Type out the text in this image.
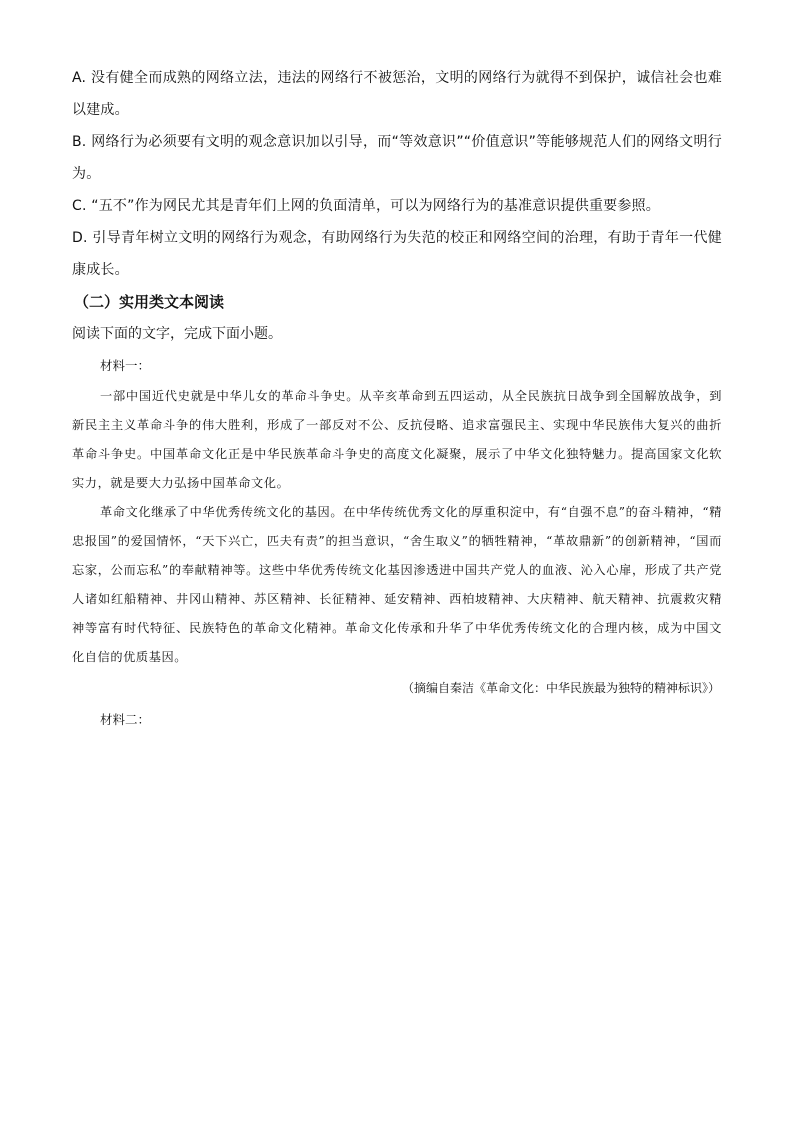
A. 没有健全而成熟的网络立法，违法的网络行不被惩治，文明的网络行为就得不到保护，诚信社会也难以建成。

B. 网络行为必须要有文明的观念意识加以引导，而“等效意识”“价值意识”等能够规范人们的网络文明行为。

C. “五不”作为网民尤其是青年们上网的负面清单，可以为网络行为的基准意识提供重要参照。

D. 引导青年树立文明的网络行为观念，有助网络行为失范的校正和网络空间的治理，有助于青年一代健康成长。

（二）实用类文本阅读

阅读下面的文字，完成下面小题。

材料一：

一部中国近代史就是中华儿女的革命斗争史。从辛亥革命到五四运动，从全民族抗日战争到全国解放战争，到新民主主义革命斗争的伟大胜利，形成了一部反对不公、反抗侵略、追求富强民主、实现中华民族伟大复兴的曲折革命斗争史。中国革命文化正是中华民族革命斗争史的高度文化凝聚，展示了中华文化独特魅力。提高国家文化软实力，就是要大力弘扬中国革命文化。

革命文化继承了中华优秀传统文化的基因。在中华传统优秀文化的厚重积淀中，有“自强不息”的奋斗精神，“精忠报国”的爱国情怀，“天下兴亡，匹夫有责”的担当意识，“舍生取义”的牺牲精神，“革故鼎新”的创新精神，“国而忘家，公而忘私”的奉献精神等。这些中华优秀传统文化基因渗透进中国共产党人的血液、沁入心扉，形成了共产党人诸如红船精神、井冈山精神、苏区精神、长征精神、延安精神、西柏坡精神、大庆精神、航天精神、抗震救灾精神等富有时代特征、民族特色的革命文化精神。革命文化传承和升华了中华优秀传统文化的合理内核，成为中国文化自信的优质基因。

（摘编自秦洁《革命文化：中华民族最为独特的精神标识》）

材料二：
